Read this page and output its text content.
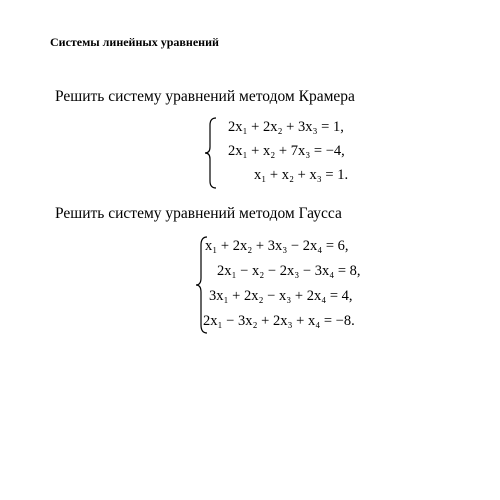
Системы линейных уравнений
Решить систему уравнений методом Крамера
2x₁ + 2x₂ + 3x₃ = 1,
2x₁ + x₂ + 7x₃ = −4,
x₁ + x₂ + x₃ = 1.
Решить систему уравнений методом Гаусса
x₁ + 2x₂ + 3x₃ − 2x₄ = 6,
2x₁ − x₂ − 2x₃ − 3x₄ = 8,
3x₁ + 2x₂ − x₃ + 2x₄ = 4,
2x₁ − 3x₂ + 2x₃ + x₄ = −8.
